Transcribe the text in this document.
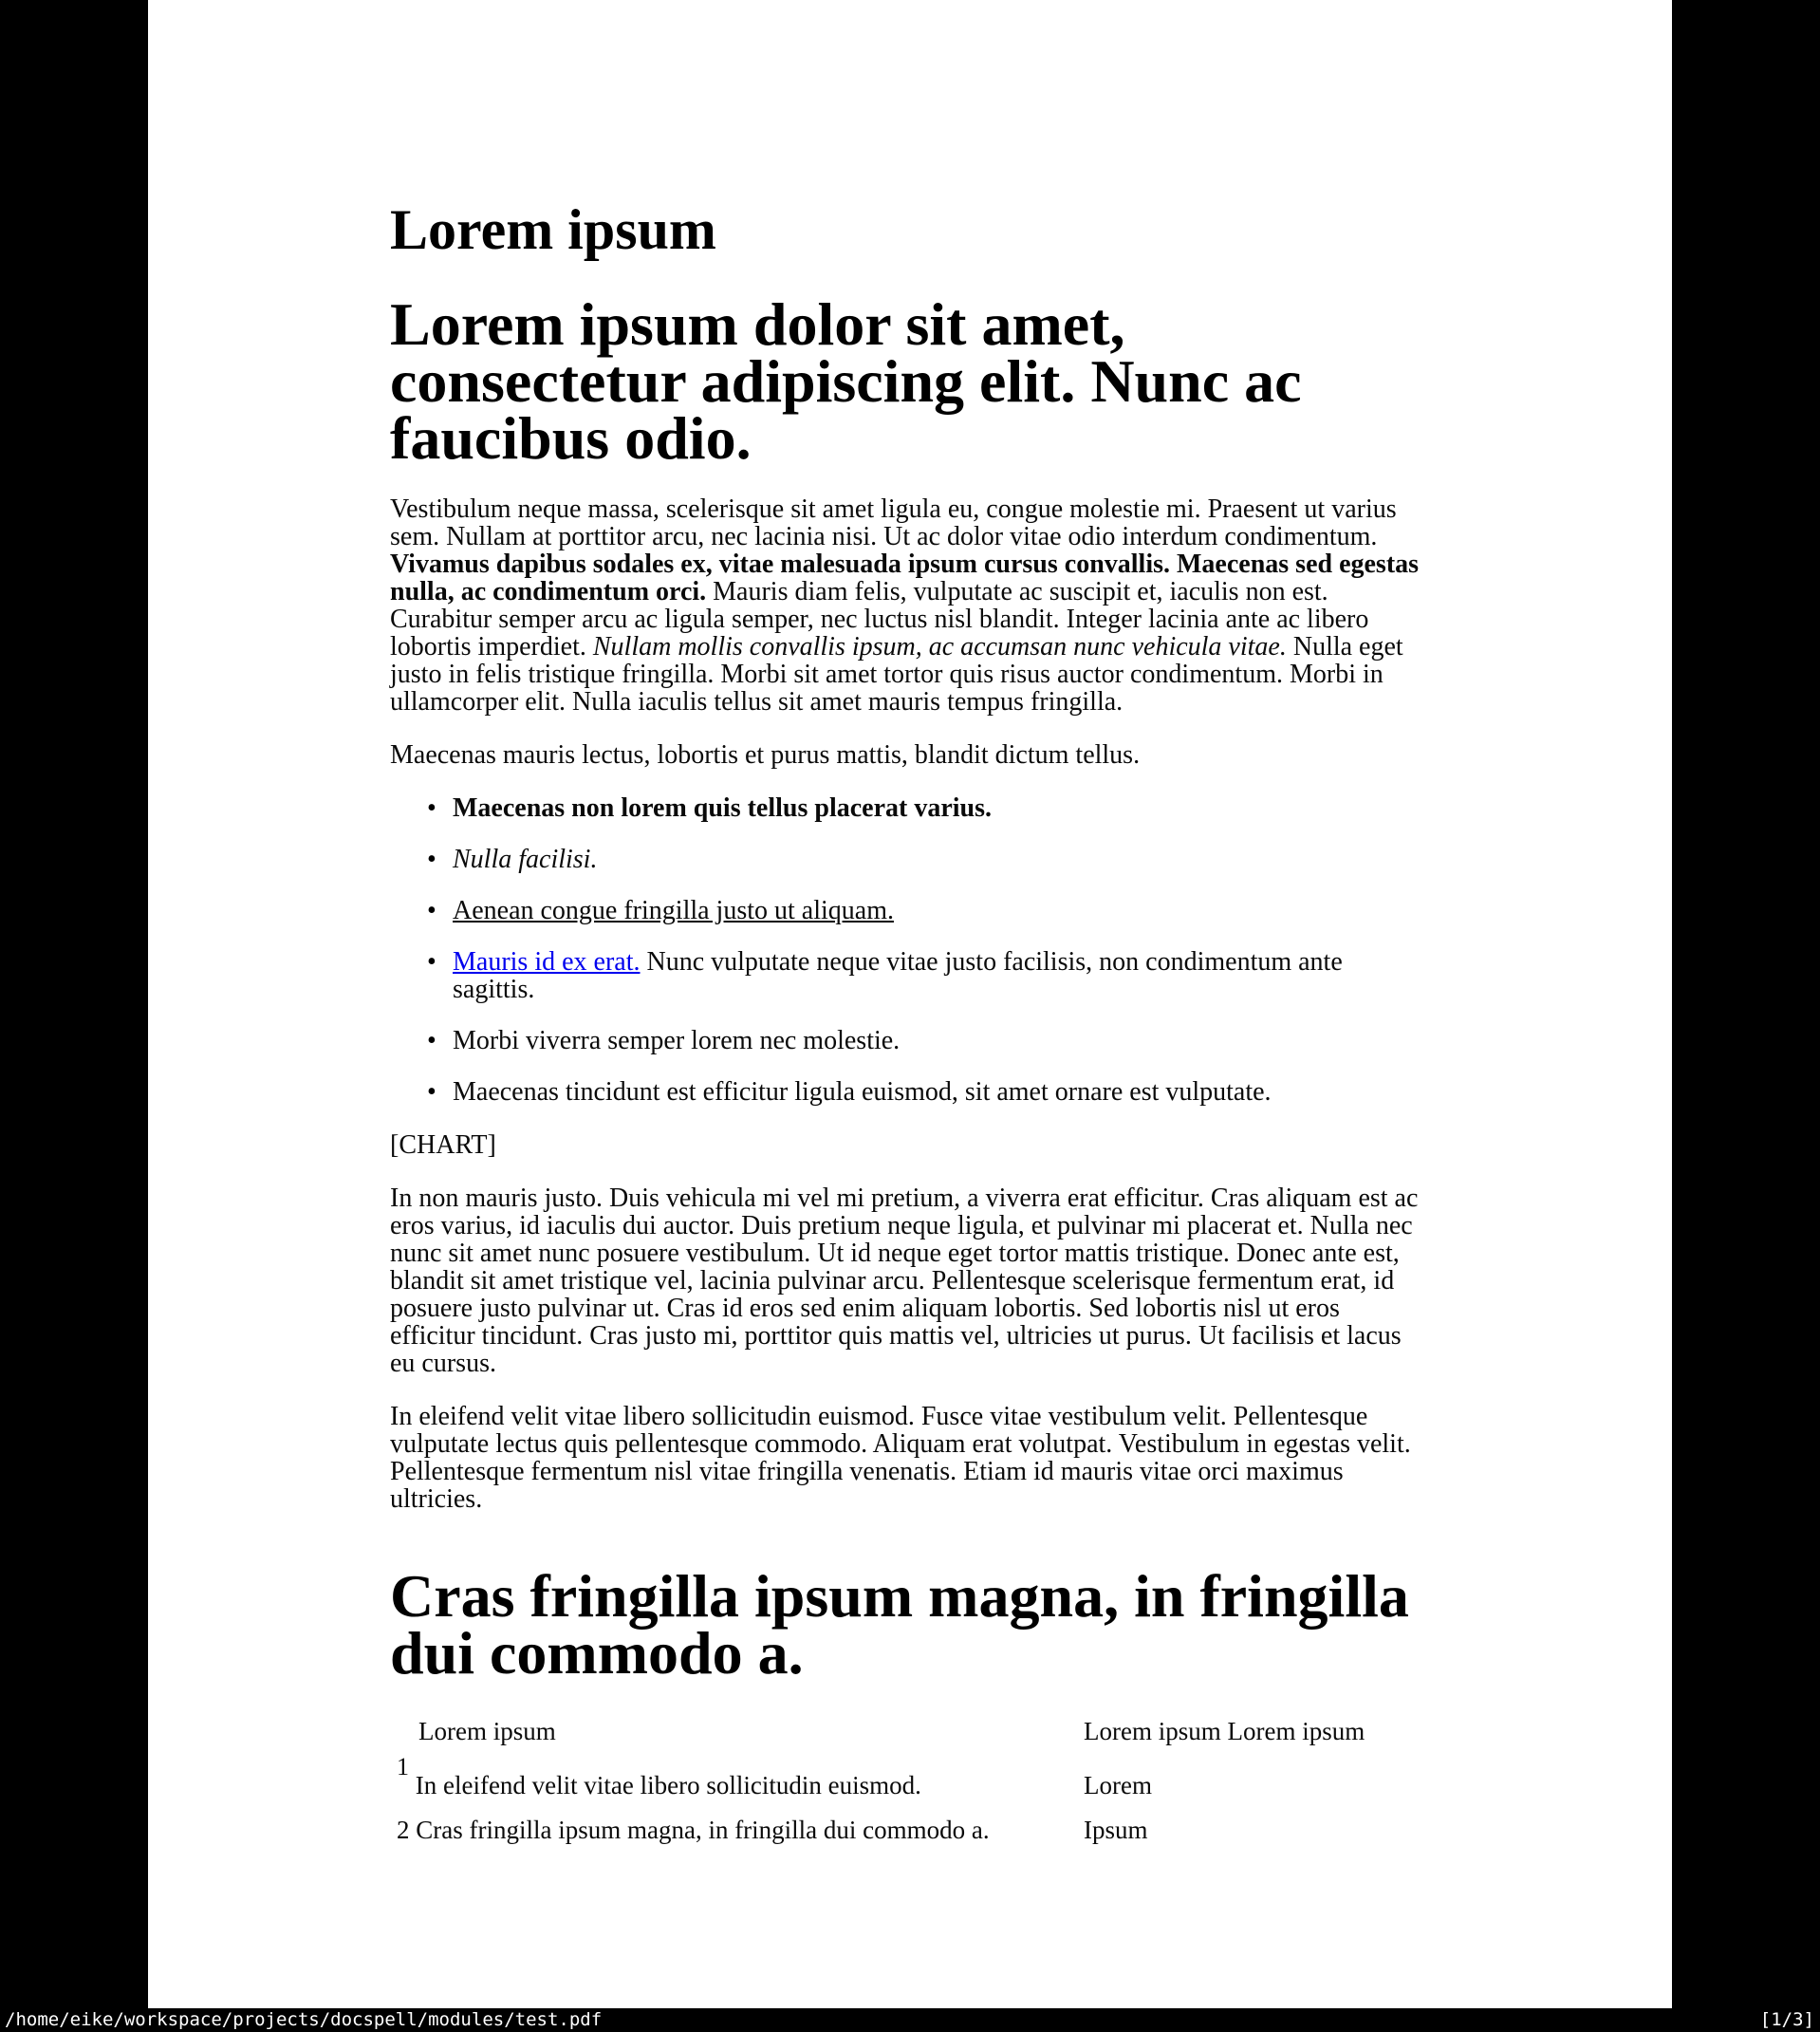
Lorem ipsum
Lorem ipsum dolor sit amet, consectetur adipiscing elit. Nunc ac faucibus odio.

Vestibulum neque massa, scelerisque sit amet ligula eu, congue molestie mi. Praesent ut varius sem. Nullam at porttitor arcu, nec lacinia nisi. Ut ac dolor vitae odio interdum condimentum. Vivamus dapibus sodales ex, vitae malesuada ipsum cursus convallis. Maecenas sed egestas nulla, ac condimentum orci. Mauris diam felis, vulputate ac suscipit et, iaculis non est. Curabitur semper arcu ac ligula semper, nec luctus nisl blandit. Integer lacinia ante ac libero lobortis imperdiet. Nullam mollis convallis ipsum, ac accumsan nunc vehicula vitae. Nulla eget justo in felis tristique fringilla. Morbi sit amet tortor quis risus auctor condimentum. Morbi in ullamcorper elit. Nulla iaculis tellus sit amet mauris tempus fringilla.

Maecenas mauris lectus, lobortis et purus mattis, blandit dictum tellus.

• Maecenas non lorem quis tellus placerat varius.
• Nulla facilisi.
• Aenean congue fringilla justo ut aliquam.
• Mauris id ex erat. Nunc vulputate neque vitae justo facilisis, non condimentum ante sagittis.
• Morbi viverra semper lorem nec molestie.
• Maecenas tincidunt est efficitur ligula euismod, sit amet ornare est vulputate.

[CHART]

In non mauris justo. Duis vehicula mi vel mi pretium, a viverra erat efficitur. Cras aliquam est ac eros varius, id iaculis dui auctor. Duis pretium neque ligula, et pulvinar mi placerat et. Nulla nec nunc sit amet nunc posuere vestibulum. Ut id neque eget tortor mattis tristique. Donec ante est, blandit sit amet tristique vel, lacinia pulvinar arcu. Pellentesque scelerisque fermentum erat, id posuere justo pulvinar ut. Cras id eros sed enim aliquam lobortis. Sed lobortis nisl ut eros efficitur tincidunt. Cras justo mi, porttitor quis mattis vel, ultricies ut purus. Ut facilisis et lacus eu cursus.

In eleifend velit vitae libero sollicitudin euismod. Fusce vitae vestibulum velit. Pellentesque vulputate lectus quis pellentesque commodo. Aliquam erat volutpat. Vestibulum in egestas velit. Pellentesque fermentum nisl vitae fringilla venenatis. Etiam id mauris vitae orci maximus ultricies.

Cras fringilla ipsum magna, in fringilla dui commodo a.
Lorem ipsum	Lorem ipsum Lorem ipsum
$^1$ In eleifend velit vitae libero sollicitudin euismod.	Lorem
2 Cras fringilla ipsum magna, in fringilla dui commodo a.	Ipsum
/home/eike/workspace/projects/docspell/modules/test.pdf	[1/3]
